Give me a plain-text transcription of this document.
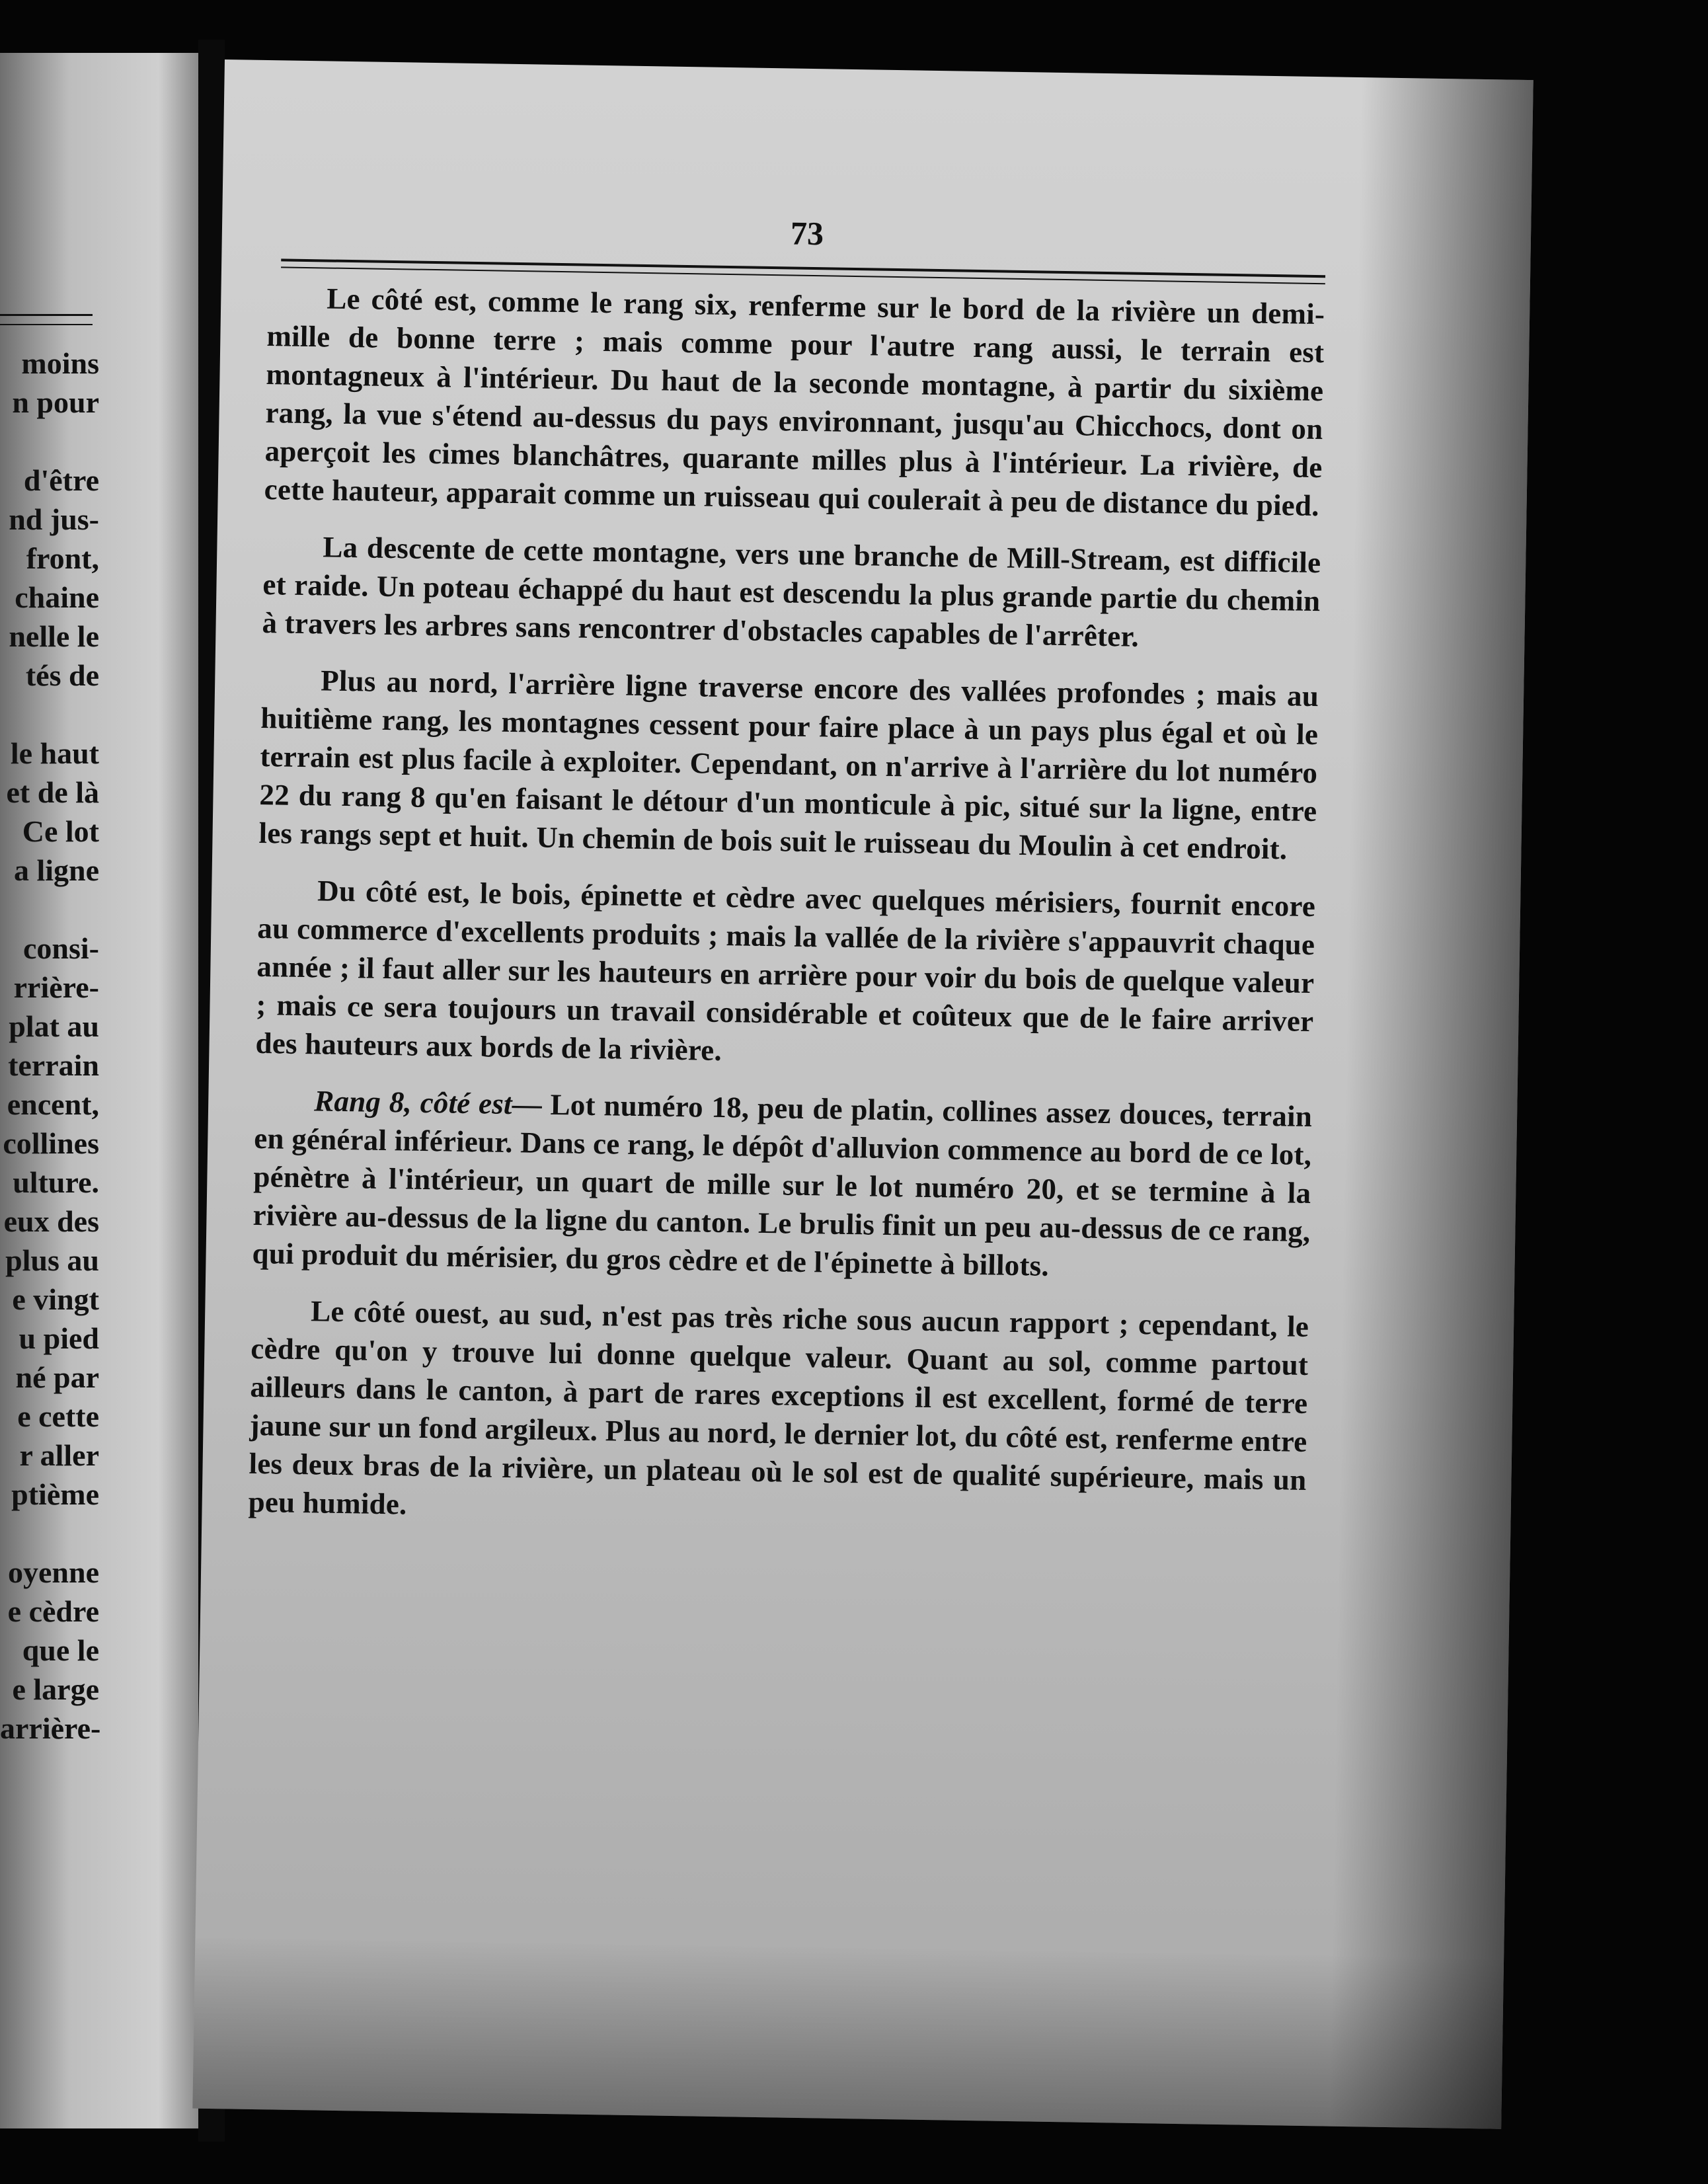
moins
n pour
d'être
nd jus-
front,
chaine
nelle le
tés de
le haut
et de là
Ce lot
a ligne
consi-
rrière-
plat au
terrain
encent,
collines
ulture.
eux des
plus au
e vingt
u pied
né par
e cette
r aller
ptième
oyenne
e cèdre
que le
e large
arrière-
73

Le côté est, comme le rang six, renferme sur le bord de la rivière un demi-mille de bonne terre ; mais comme pour l'autre rang aussi, le terrain est montagneux à l'intérieur. Du haut de la seconde montagne, à partir du sixième rang, la vue s'étend au-dessus du pays environnant, jusqu'au Chicchocs, dont on aperçoit les cimes blanchâtres, quarante milles plus à l'intérieur. La rivière, de cette hauteur, apparait comme un ruisseau qui coulerait à peu de distance du pied.

La descente de cette montagne, vers une branche de Mill-Stream, est difficile et raide. Un poteau échappé du haut est descendu la plus grande partie du chemin à travers les arbres sans rencontrer d'obstacles capables de l'arrêter.

Plus au nord, l'arrière ligne traverse encore des vallées profondes ; mais au huitième rang, les montagnes cessent pour faire place à un pays plus égal et où le terrain est plus facile à exploiter. Cependant, on n'arrive à l'arrière du lot numéro 22 du rang 8 qu'en faisant le détour d'un monticule à pic, situé sur la ligne, entre les rangs sept et huit. Un chemin de bois suit le ruisseau du Moulin à cet endroit.

Du côté est, le bois, épinette et cèdre avec quelques mérisiers, fournit encore au commerce d'excellents produits ; mais la vallée de la rivière s'appauvrit chaque année ; il faut aller sur les hauteurs en arrière pour voir du bois de quelque valeur ; mais ce sera toujours un travail considérable et coûteux que de le faire arriver des hauteurs aux bords de la rivière.

Rang 8, côté est— Lot numéro 18, peu de platin, collines assez douces, terrain en général inférieur. Dans ce rang, le dépôt d'alluvion commence au bord de ce lot, pénètre à l'intérieur, un quart de mille sur le lot numéro 20, et se termine à la rivière au-dessus de la ligne du canton. Le brulis finit un peu au-dessus de ce rang, qui produit du mérisier, du gros cèdre et de l'épinette à billots.

Le côté ouest, au sud, n'est pas très riche sous aucun rapport ; cependant, le cèdre qu'on y trouve lui donne quelque valeur. Quant au sol, comme partout ailleurs dans le canton, à part de rares exceptions il est excellent, formé de terre jaune sur un fond argileux. Plus au nord, le dernier lot, du côté est, renferme entre les deux bras de la rivière, un plateau où le sol est de qualité supérieure, mais un peu humide.
